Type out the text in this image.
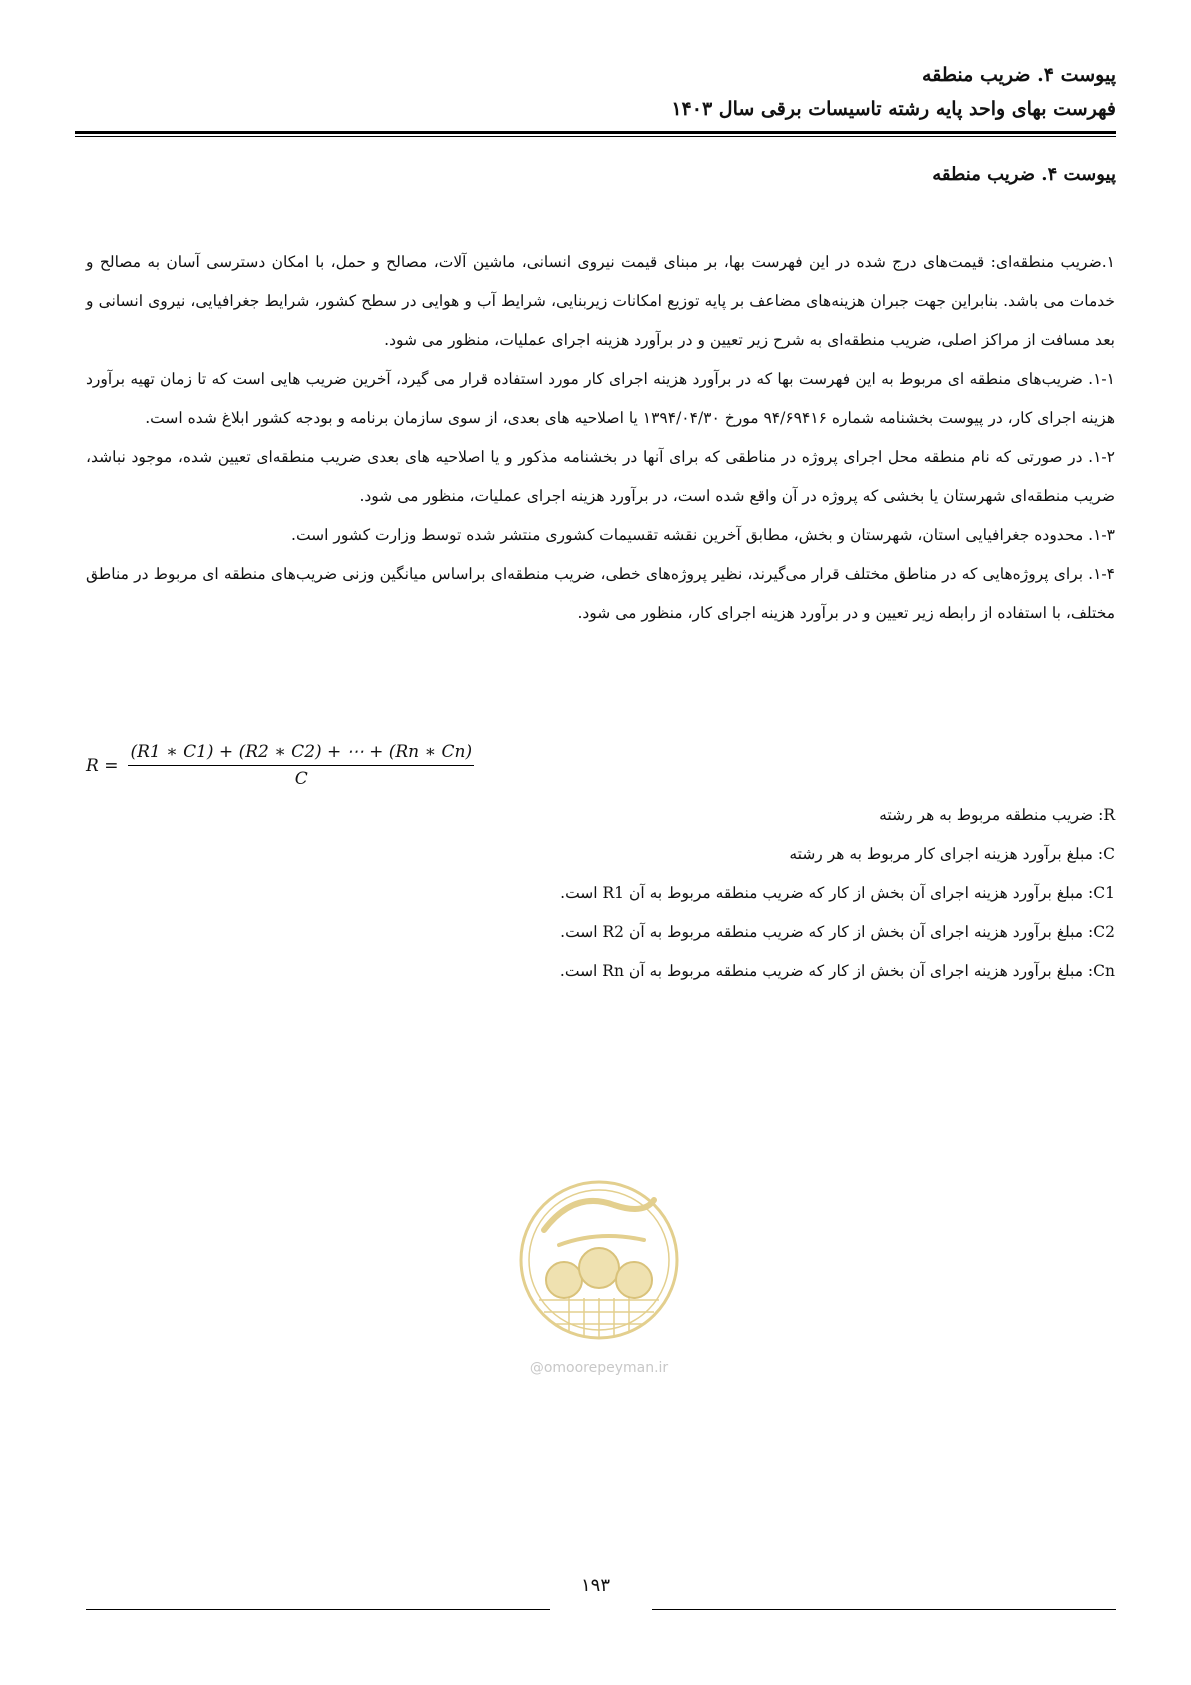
پیوست ۴. ضریب منطقه

فهرست بهای واحد پایه رشته تاسیسات برقی سال ۱۴۰۳

پیوست ۴. ضریب منطقه

۱.ضریب منطقه‌ای: قیمت‌های درج شده در این فهرست بها، بر مبنای قیمت نیروی انسانی، ماشین آلات، مصالح و حمل، با امکان دسترسی آسان به مصالح و خدمات می باشد. بنابراین جهت جبران هزینه‌های مضاعف بر پایه توزیع امکانات زیربنایی، شرایط آب و هوایی در سطح کشور، شرایط جغرافیایی، نیروی انسانی و بعد مسافت از مراکز اصلی، ضریب منطقه‌ای به شرح زیر تعیین و در برآورد هزینه اجرای عملیات، منظور می شود.

۱-۱. ضریب‌های منطقه ای مربوط به این فهرست بها که در برآورد هزینه اجرای کار مورد استفاده قرار می گیرد، آخرین ضریب هایی است که تا زمان تهیه برآورد هزینه اجرای کار، در پیوست بخشنامه شماره ۹۴/۶۹۴۱۶ مورخ ۱۳۹۴/۰۴/۳۰ یا اصلاحیه های بعدی، از سوی سازمان برنامه و بودجه کشور ابلاغ شده است.

۱-۲. در صورتی که نام منطقه محل اجرای پروژه در مناطقی که برای آنها در بخشنامه مذکور و یا اصلاحیه های بعدی ضریب منطقه‌ای تعیین شده، موجود نباشد، ضریب منطقه‌ای شهرستان یا بخشی که پروژه در آن واقع شده است، در برآورد هزینه اجرای عملیات، منظور می شود.

۱-۳. محدوده جغرافیایی استان، شهرستان و بخش، مطابق آخرین نقشه تقسیمات کشوری منتشر شده توسط وزارت کشور است.

۱-۴. برای پروژه‌هایی که در مناطق مختلف قرار می‌گیرند، نظیر پروژه‌های خطی، ضریب منطقه‌ای براساس میانگین وزنی ضریب‌های منطقه ای مربوط در مناطق مختلف، با استفاده از رابطه زیر تعیین و در برآورد هزینه اجرای کار، منظور می شود.

$R = \frac{(R1 ∗ C1) + (R2 ∗ C2) + \cdots + (Rn ∗ Cn)}{C}$
R: ضریب منطقه مربوط به هر رشته
C: مبلغ برآورد هزینه اجرای کار مربوط به هر رشته
C1: مبلغ برآورد هزینه اجرای آن بخش از کار که ضریب منطقه مربوط به آن R1 است.
C2: مبلغ برآورد هزینه اجرای آن بخش از کار که ضریب منطقه مربوط به آن R2 است.
Cn: مبلغ برآورد هزینه اجرای آن بخش از کار که ضریب منطقه مربوط به آن Rn است.
@omoorepeyman.ir
۱۹۳
